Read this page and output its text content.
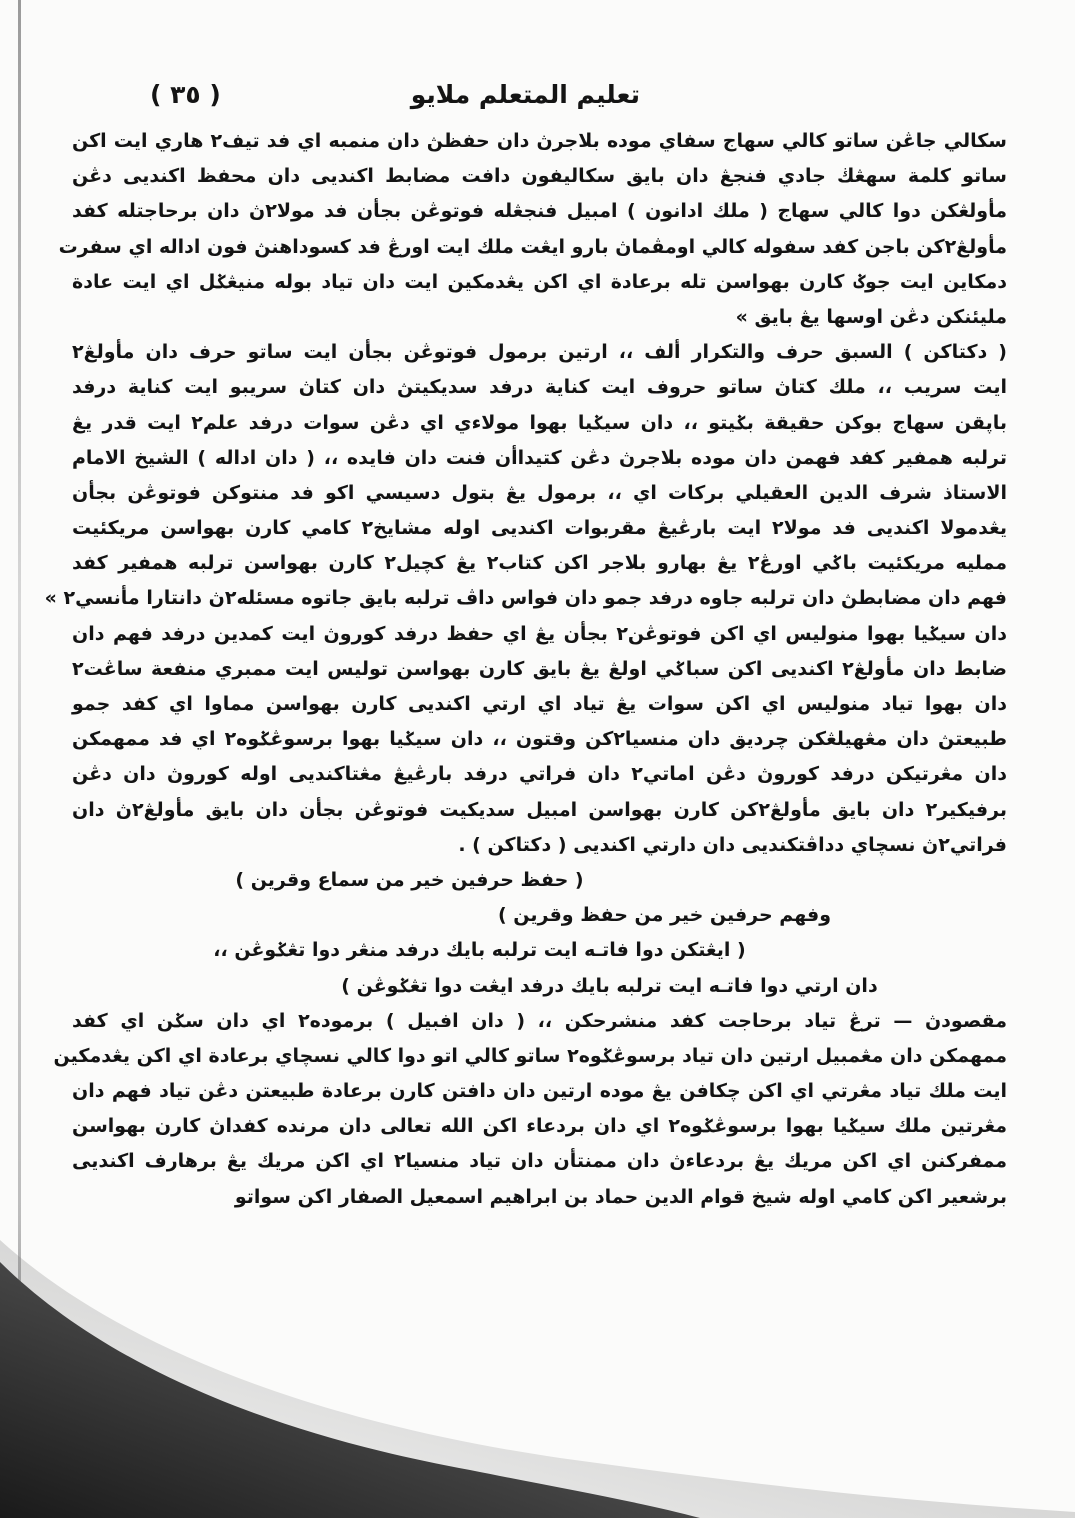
تعليم المتعلم ملايو
( ٣٥ )
سكالي جاڠن ساتو كالي سهاج سفاي موده بلاجرڽ دان حفظڽ دان منمبه اي فد تيف٢ هاري ايت اكن
ساتو كلمة سهڠڬ جادي فنجڠ دان بايق سكاليفون دافت مضابط اكنديى دان محفظ اكنديى دڠن
مأولڠكن دوا كالي سهاج ( ملك ادانون ) امبيل فنجڠله فوتوڠن بجأن فد مولا٢ڽ دان برحاجتله كفد
مأولڠ٢كن باجن كفد سفوله كالي اومڤماڽ بارو ايڠت ملك ايت اورڠ فد كسوداهنڽ فون اداله اي سفرت
دمكاين ايت جوݢ كارن بهواسن تله برعادة اي اكن يڠدمكين ايت دان تياد بوله منيڠݢل اي ايت عادة
مليئنكن دڠن اوسها يڠ بايق »
( دكتاكن ) السبق حرف والتكرار ألف ،، ارتين برمول فوتوڠن بجأن ايت ساتو حرف دان مأولڠ٢
ايت سريب ،، ملك كتاڽ ساتو حروف ايت كناية درفد سديكيتڽ دان كتاڽ سريبو ايت كناية درفد
باڽقن سهاج بوكن حقيقة بݢيتو ،، دان سيݢيا بهوا مولاءي اي دڠن سوات درفد علم٢ ايت قدر يڠ
ترلبه همفير كفد فهمن دان موده بلاجرڽ دڠن كتيداأن فنت دان فايده ،، ( دان اداله ) الشيخ الامام
الاستاذ شرف الدين العقيلي بركات اي ،، برمول يڠ بتول دسيسي اكو فد منتوكن فوتوڠن بجأن
يڠدمولا اكنديى فد مولا٢ ايت بارڠيڠ مقربوات اكنديى اوله مشايخ٢ كامي كارن بهواسن مريكئيت
ممليه مريكئيت باݢي اورڠ٢ يڠ بهارو بلاجر اكن كتاب٢ يڠ كچيل٢ كارن بهواسن ترلبه همفير كفد
فهم دان مضابطڽ دان ترلبه جاوه درفد جمو دان فواس داڤ ترلبه بايق جاتوه مسئله٢ڽ دانتارا مأنسي٢ »
دان سيݢيا بهوا منوليس اي اكن فوتوڠن٢ بجأن يڠ اي حفظ درفد كوروڽ ايت كمدين درفد فهم دان
ضابط دان مأولڠ٢ اكنديى اكن سباݢي اولڠ يڠ بايق كارن بهواسن توليس ايت ممبري منفعة ساڠت٢
دان بهوا تياد منوليس اي اكن سوات يڠ تياد اي ارتي اكنديى كارن بهواسن مماوا اي كفد جمو
طبيعتڽ دان مڠهيلڠكن چرديق دان منسيا٢كن وقتون ،، دان سيݢيا بهوا برسوڠݢوه٢ اي فد ممهمكن
دان مڠرتيكن درفد كوروڽ دڠن اماتي٢ دان فراتي درفد بارڠيڠ مڠتاكنديى اوله كوروڽ دان دڠن
برفيكير٢ دان بايق مأولڠ٢كن كارن بهواسن امبيل سديكيت فوتوڠن بجأن دان بايق مأولڠ٢ڽ دان
فراتي٢ڽ نسچاي دداڤتكنديى دان دارتي اكنديى ( دكتاكن ) .
( حفظ حرفين خير من سماع وقرين )
وفهم حرفين خير من حفظ وقرين )
( ايڠتكن دوا فاتـه ايت ترلبه بايك درفد منڠر دوا تڠݢوڠن ،،
دان ارتي دوا فاتـه ايت ترلبه بايك درفد ايڠت دوا تڠݢوڠن )
مقصودڽ — ترڠ تياد برحاجت كفد منشرحكن ،، ( دان افبيل ) برموده٢ اي دان سݢن اي كفد
ممهمكن دان مڠمبيل ارتين دان تياد برسوڠݢوه٢ ساتو كالي اتو دوا كالي نسچاي برعادة اي اكن يڠدمكين
ايت ملك تياد مڠرتي اي اكن چكافن يڠ موده ارتين دان دافتن كارن برعادة طبيعتن دڠن تياد فهم دان
مڠرتين ملك سيݢيا بهوا برسوڠݢوه٢ اي دان بردعاء اكن الله تعالى دان مرنده كفداڽ كارن بهواسن
ممفركنن اي اكن مريك يڠ بردعاءڽ دان ممنتأن دان تياد منسيا٢ اي اكن مريك يڠ برهارف اكنديى
برشعير اكن كامي اوله شيخ قوام الدين حماد بن ابراهيم اسمعيل الصفار اكن سواتو
